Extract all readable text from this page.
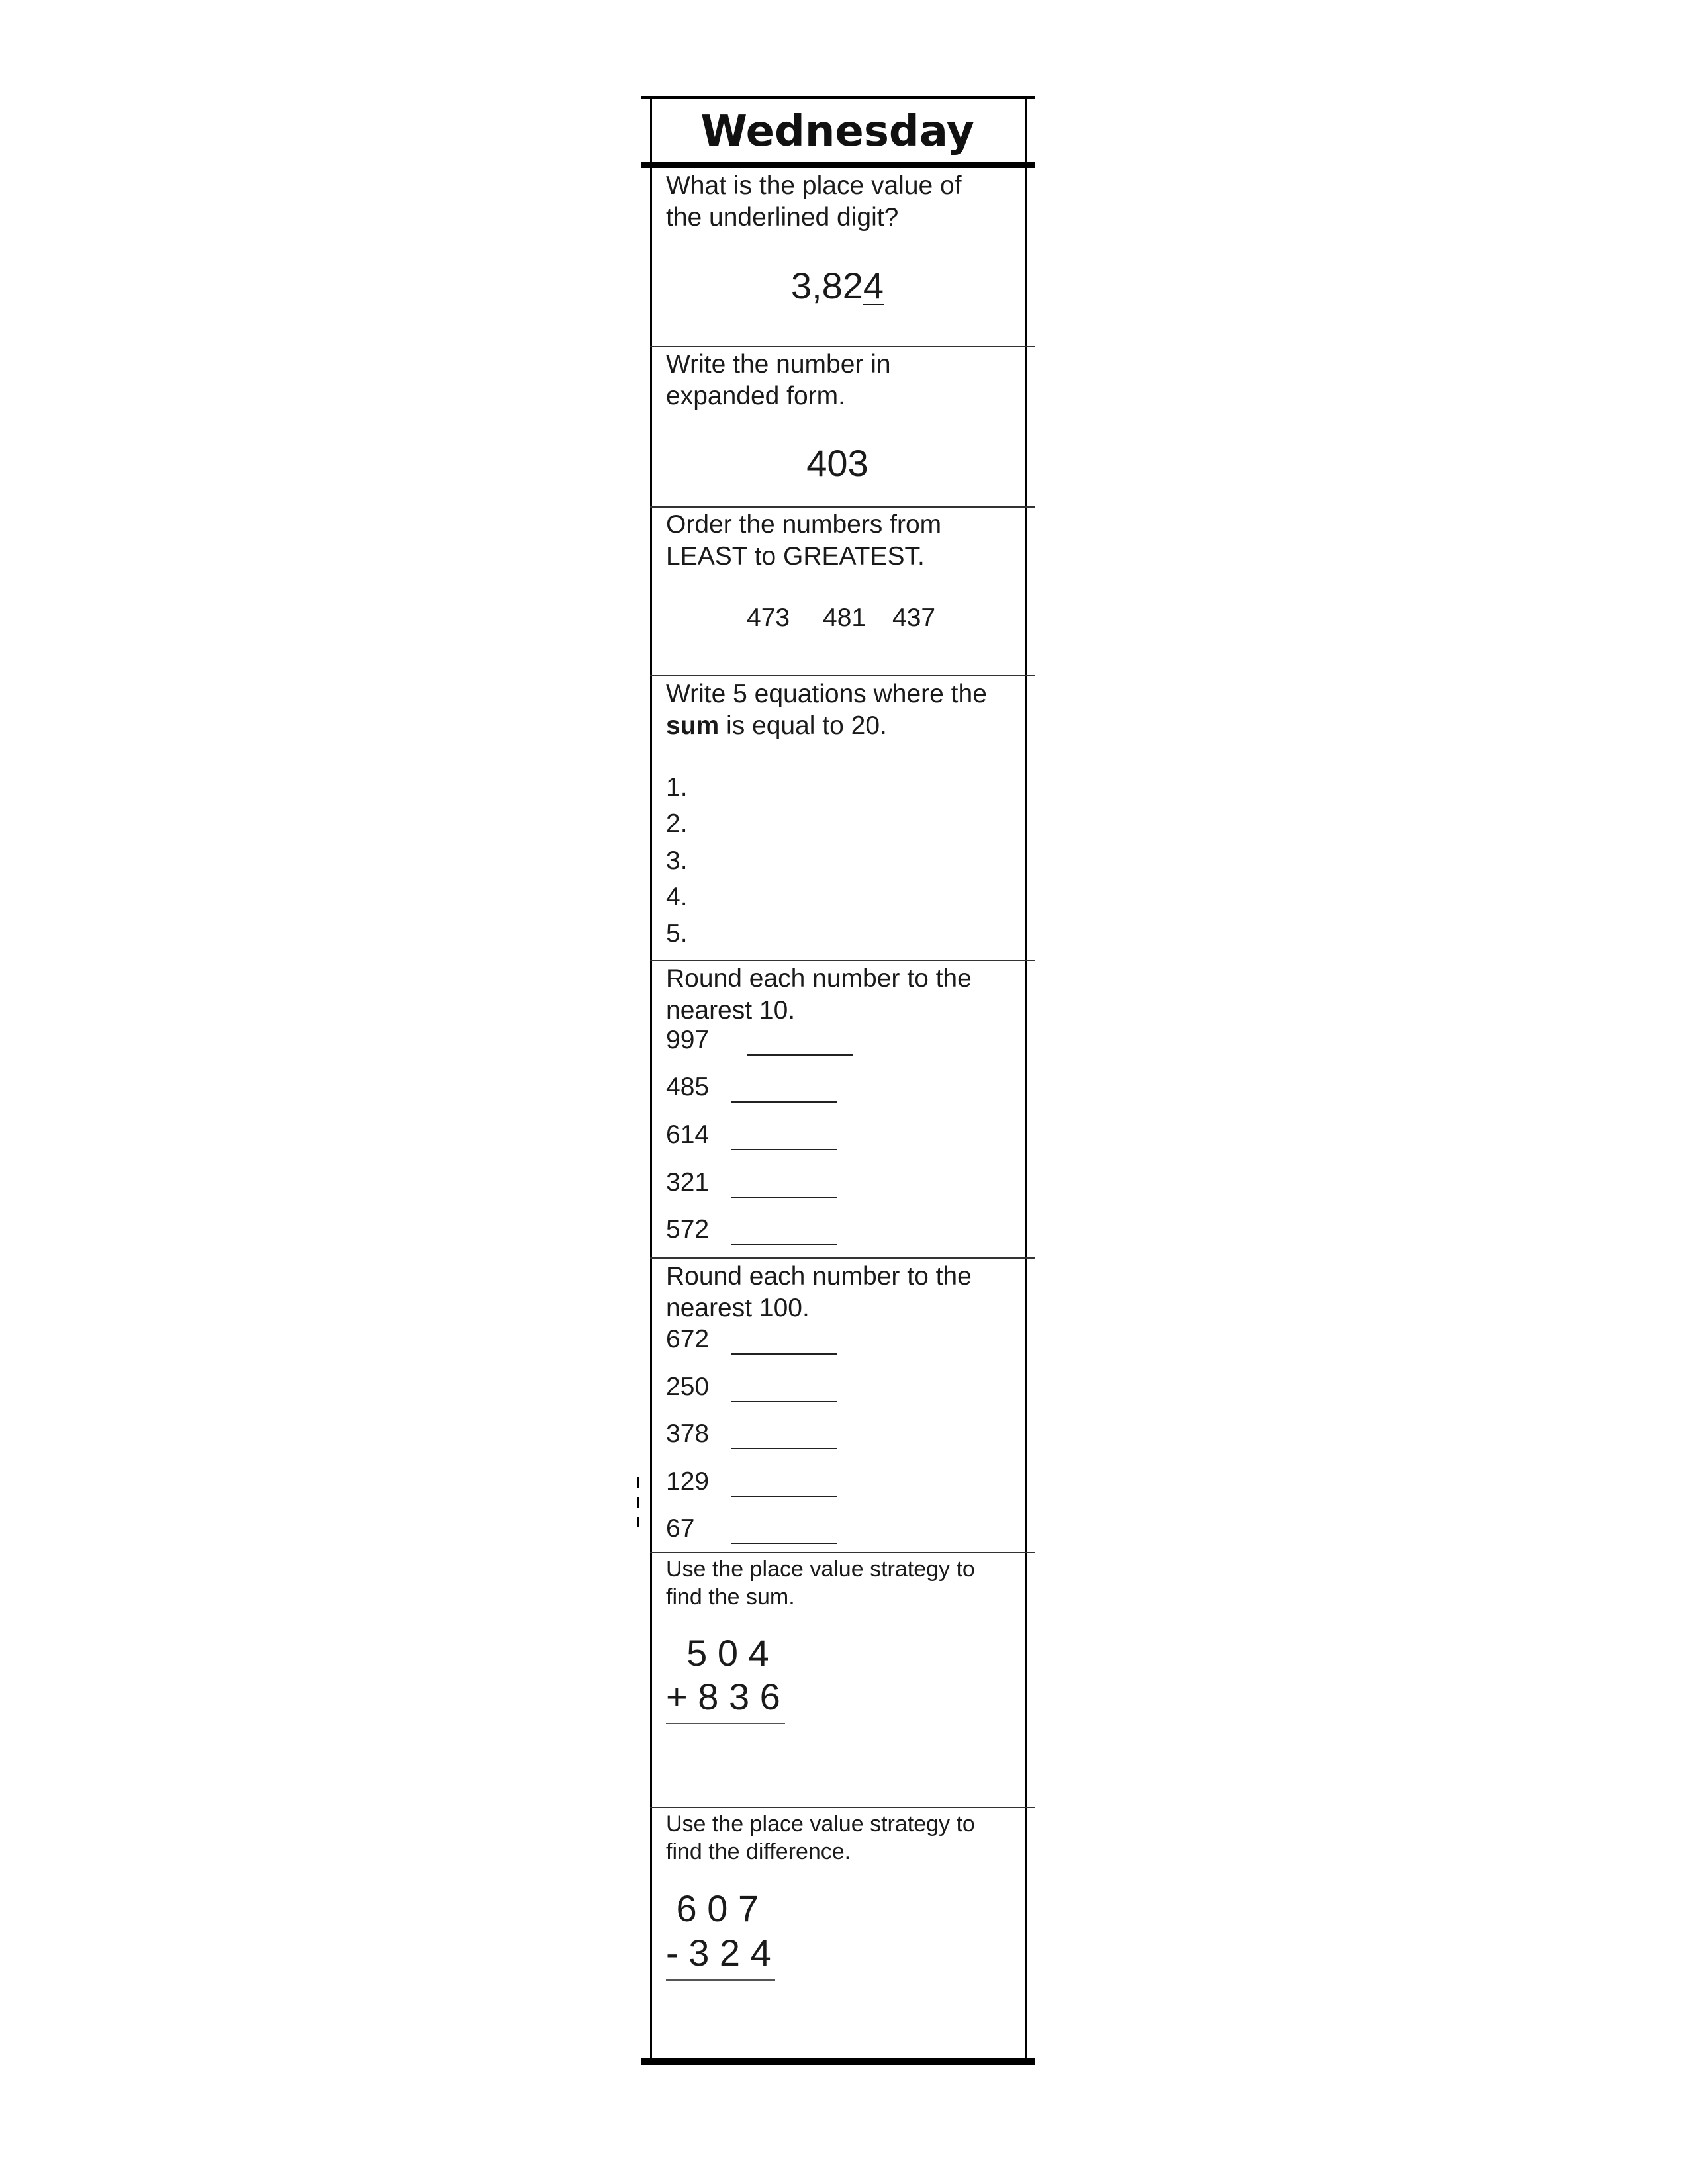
Wednesday
What is the place value of
the underlined digit?
3,824
Write the number in
expanded form.
403
Order the numbers from
LEAST to GREATEST.
473 481 437
Write 5 equations where the
sum is equal to 20.
1.
2.
3.
4.
5.
Round each number to the
nearest 10.
997
485
614
321
572
Round each number to the
nearest 100.
672
250
378
129
67
Use the place value strategy to
find the sum.
5 0 4
+ 8 3 6
Use the place value strategy to
find the difference.
6 0 7
- 3 2 4
